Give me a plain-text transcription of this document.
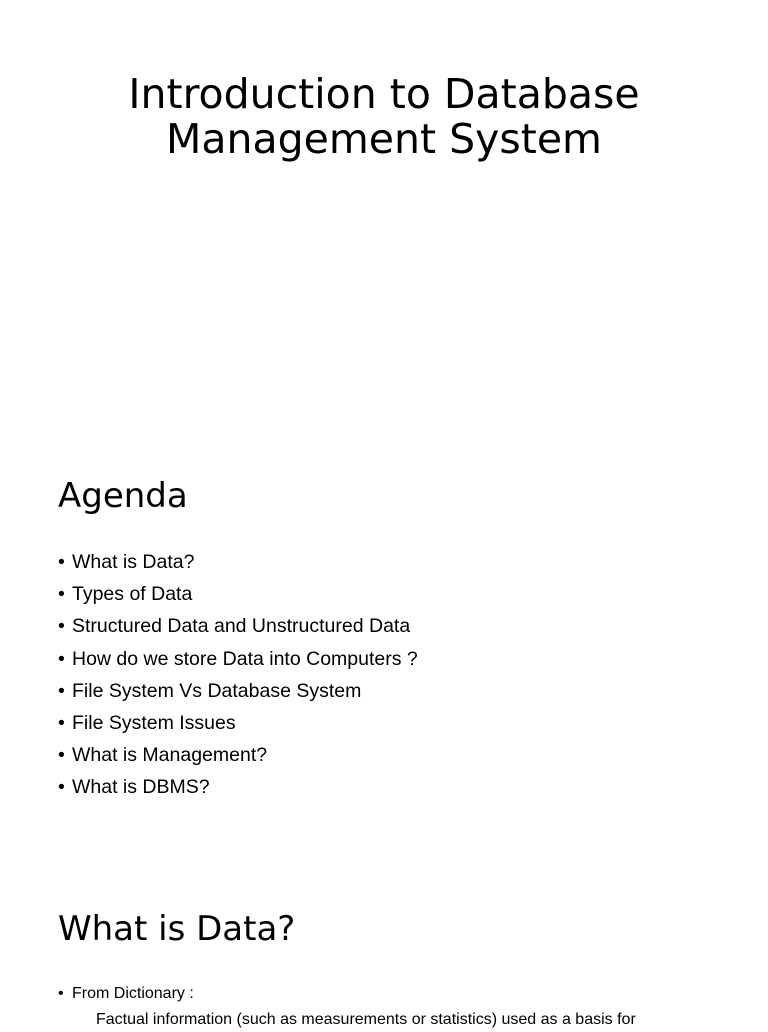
Introduction to Database
Management System
Agenda
• What is Data?
• Types of Data
• Structured Data and Unstructured Data
• How do we store Data into Computers ?
• File System Vs Database System
• File System Issues
• What is Management?
• What is DBMS?
What is Data?
• From Dictionary :
Factual information (such as measurements or statistics) used as a basis for
